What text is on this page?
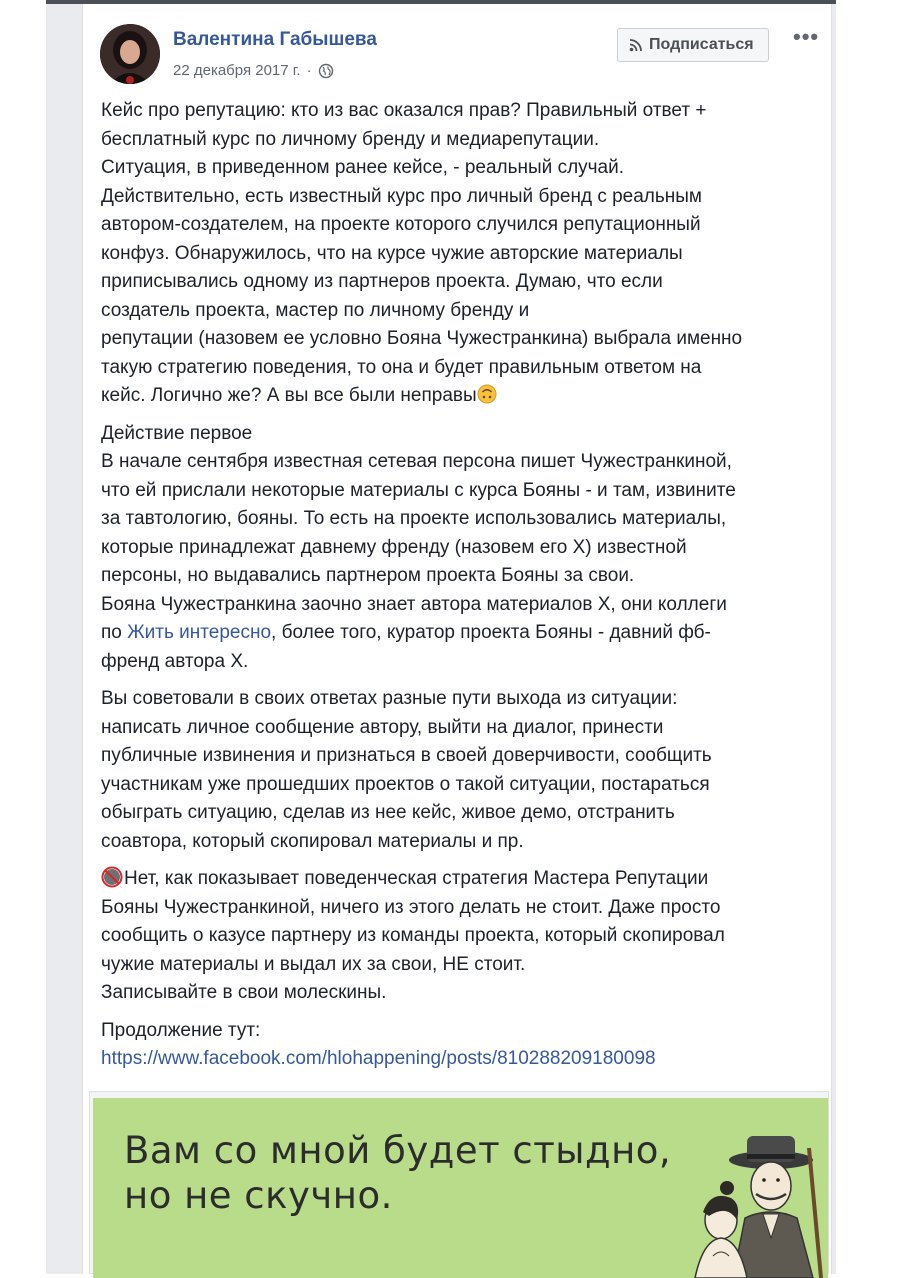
Валентина Габышева
22 декабря 2017 г. ·
Подписаться •••

Кейс про репутацию: кто из вас оказался прав? Правильный ответ +
бесплатный курс по личному бренду и медиарепутации.
Ситуация, в приведенном ранее кейсе, - реальный случай.
Действительно, есть известный курс про личный бренд с реальным
автором-создателем, на проекте которого случился репутационный
конфуз. Обнаружилось, что на курсе чужие авторские материалы
приписывались одному из партнеров проекта. Думаю, что если
создатель проекта, мастер по личному бренду и
репутации (назовем ее условно Бояна Чужестранкина) выбрала именно
такую стратегию поведения, то она и будет правильным ответом на
кейс. Логично же? А вы все были неправы

Действие первое
В начале сентября известная сетевая персона пишет Чужестранкиной,
что ей прислали некоторые материалы с курса Бояны - и там, извините
за тавтологию, бояны. То есть на проекте использовались материалы,
которые принадлежат давнему френду (назовем его Х) известной
персоны, но выдавались партнером проекта Бояны за свои.
Бояна Чужестранкина заочно знает автора материалов Х, они коллеги
по Жить интересно, более того, куратор проекта Бояны - давний фб-
френд автора Х.

Вы советовали в своих ответах разные пути выхода из ситуации:
написать личное сообщение автору, выйти на диалог, принести
публичные извинения и признаться в своей доверчивости, сообщить
участникам уже прошедших проектов о такой ситуации, постараться
обыграть ситуацию, сделав из нее кейс, живое демо, отстранить
соавтора, который скопировал материалы и пр.

Нет, как показывает поведенческая стратегия Мастера Репутации
Бояны Чужестранкиной, ничего из этого делать не стоит. Даже просто
сообщить о казусе партнеру из команды проекта, который скопировал
чужие материалы и выдал их за свои, НЕ стоит.
Записывайте в свои молескины.

Продолжение тут:
https://www.facebook.com/hlohappening/posts/810288209180098

Вам со мной будет стыдно,
но не скучно.
